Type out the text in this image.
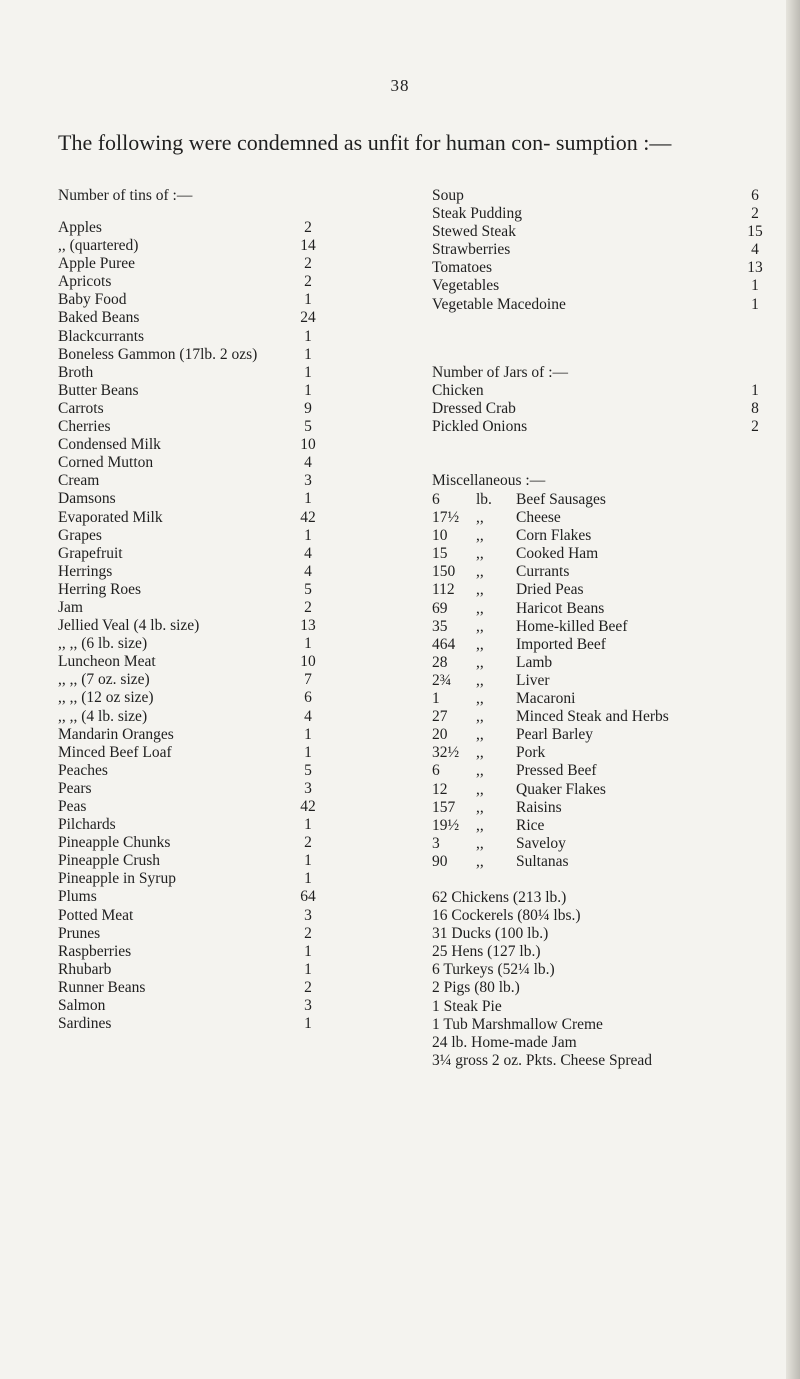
38
The following were condemned as unfit for human con- sumption :—
Number of tins of :—
Apples	2
,, (quartered)	14
Apple Puree	2
Apricots	2
Baby Food	1
Baked Beans	24
Blackcurrants	1
Boneless Gammon (17lb. 2 ozs)	1
Broth	1
Butter Beans	1
Carrots	9
Cherries	5
Condensed Milk	10
Corned Mutton	4
Cream	3
Damsons	1
Evaporated Milk	42
Grapes	1
Grapefruit	4
Herrings	4
Herring Roes	5
Jam	2
Jellied Veal (4 lb. size)	13
,, ,, (6 lb. size)	1
Luncheon Meat	10
,, ,, (7 oz. size)	7
,, ,, (12 oz size)	6
,, ,, (4 lb. size)	4
Mandarin Oranges	1
Minced Beef Loaf	1
Peaches	5
Pears	3
Peas	42
Pilchards	1
Pineapple Chunks	2
Pineapple Crush	1
Pineapple in Syrup	1
Plums	64
Potted Meat	3
Prunes	2
Raspberries	1
Rhubarb	1
Runner Beans	2
Salmon	3
Sardines	1
Soup	6
Steak Pudding	2
Stewed Steak	15
Strawberries	4
Tomatoes	13
Vegetables	1
Vegetable Macedoine	1
Number of Jars of :—
Chicken	1
Dressed Crab	8
Pickled Onions	2
Miscellaneous :—
6	lb.	Beef Sausages
17½	,,	Cheese
10	,,	Corn Flakes
15	,,	Cooked Ham
150	,,	Currants
112	,,	Dried Peas
69	,,	Haricot Beans
35	,,	Home-killed Beef
464	,,	Imported Beef
28	,,	Lamb
2¾	,,	Liver
1	,,	Macaroni
27	,,	Minced Steak and Herbs
20	,,	Pearl Barley
32½	,,	Pork
6	,,	Pressed Beef
12	,,	Quaker Flakes
157	,,	Raisins
19½	,,	Rice
3	,,	Saveloy
90	,,	Sultanas
62 Chickens (213 lb.)
16 Cockerels (80¼ lbs.)
31 Ducks (100 lb.)
25 Hens (127 lb.)
6 Turkeys (52¼ lb.)
2 Pigs (80 lb.)
1 Steak Pie
1 Tub Marshmallow Creme
24 lb. Home-made Jam
3¼ gross 2 oz. Pkts. Cheese Spread
